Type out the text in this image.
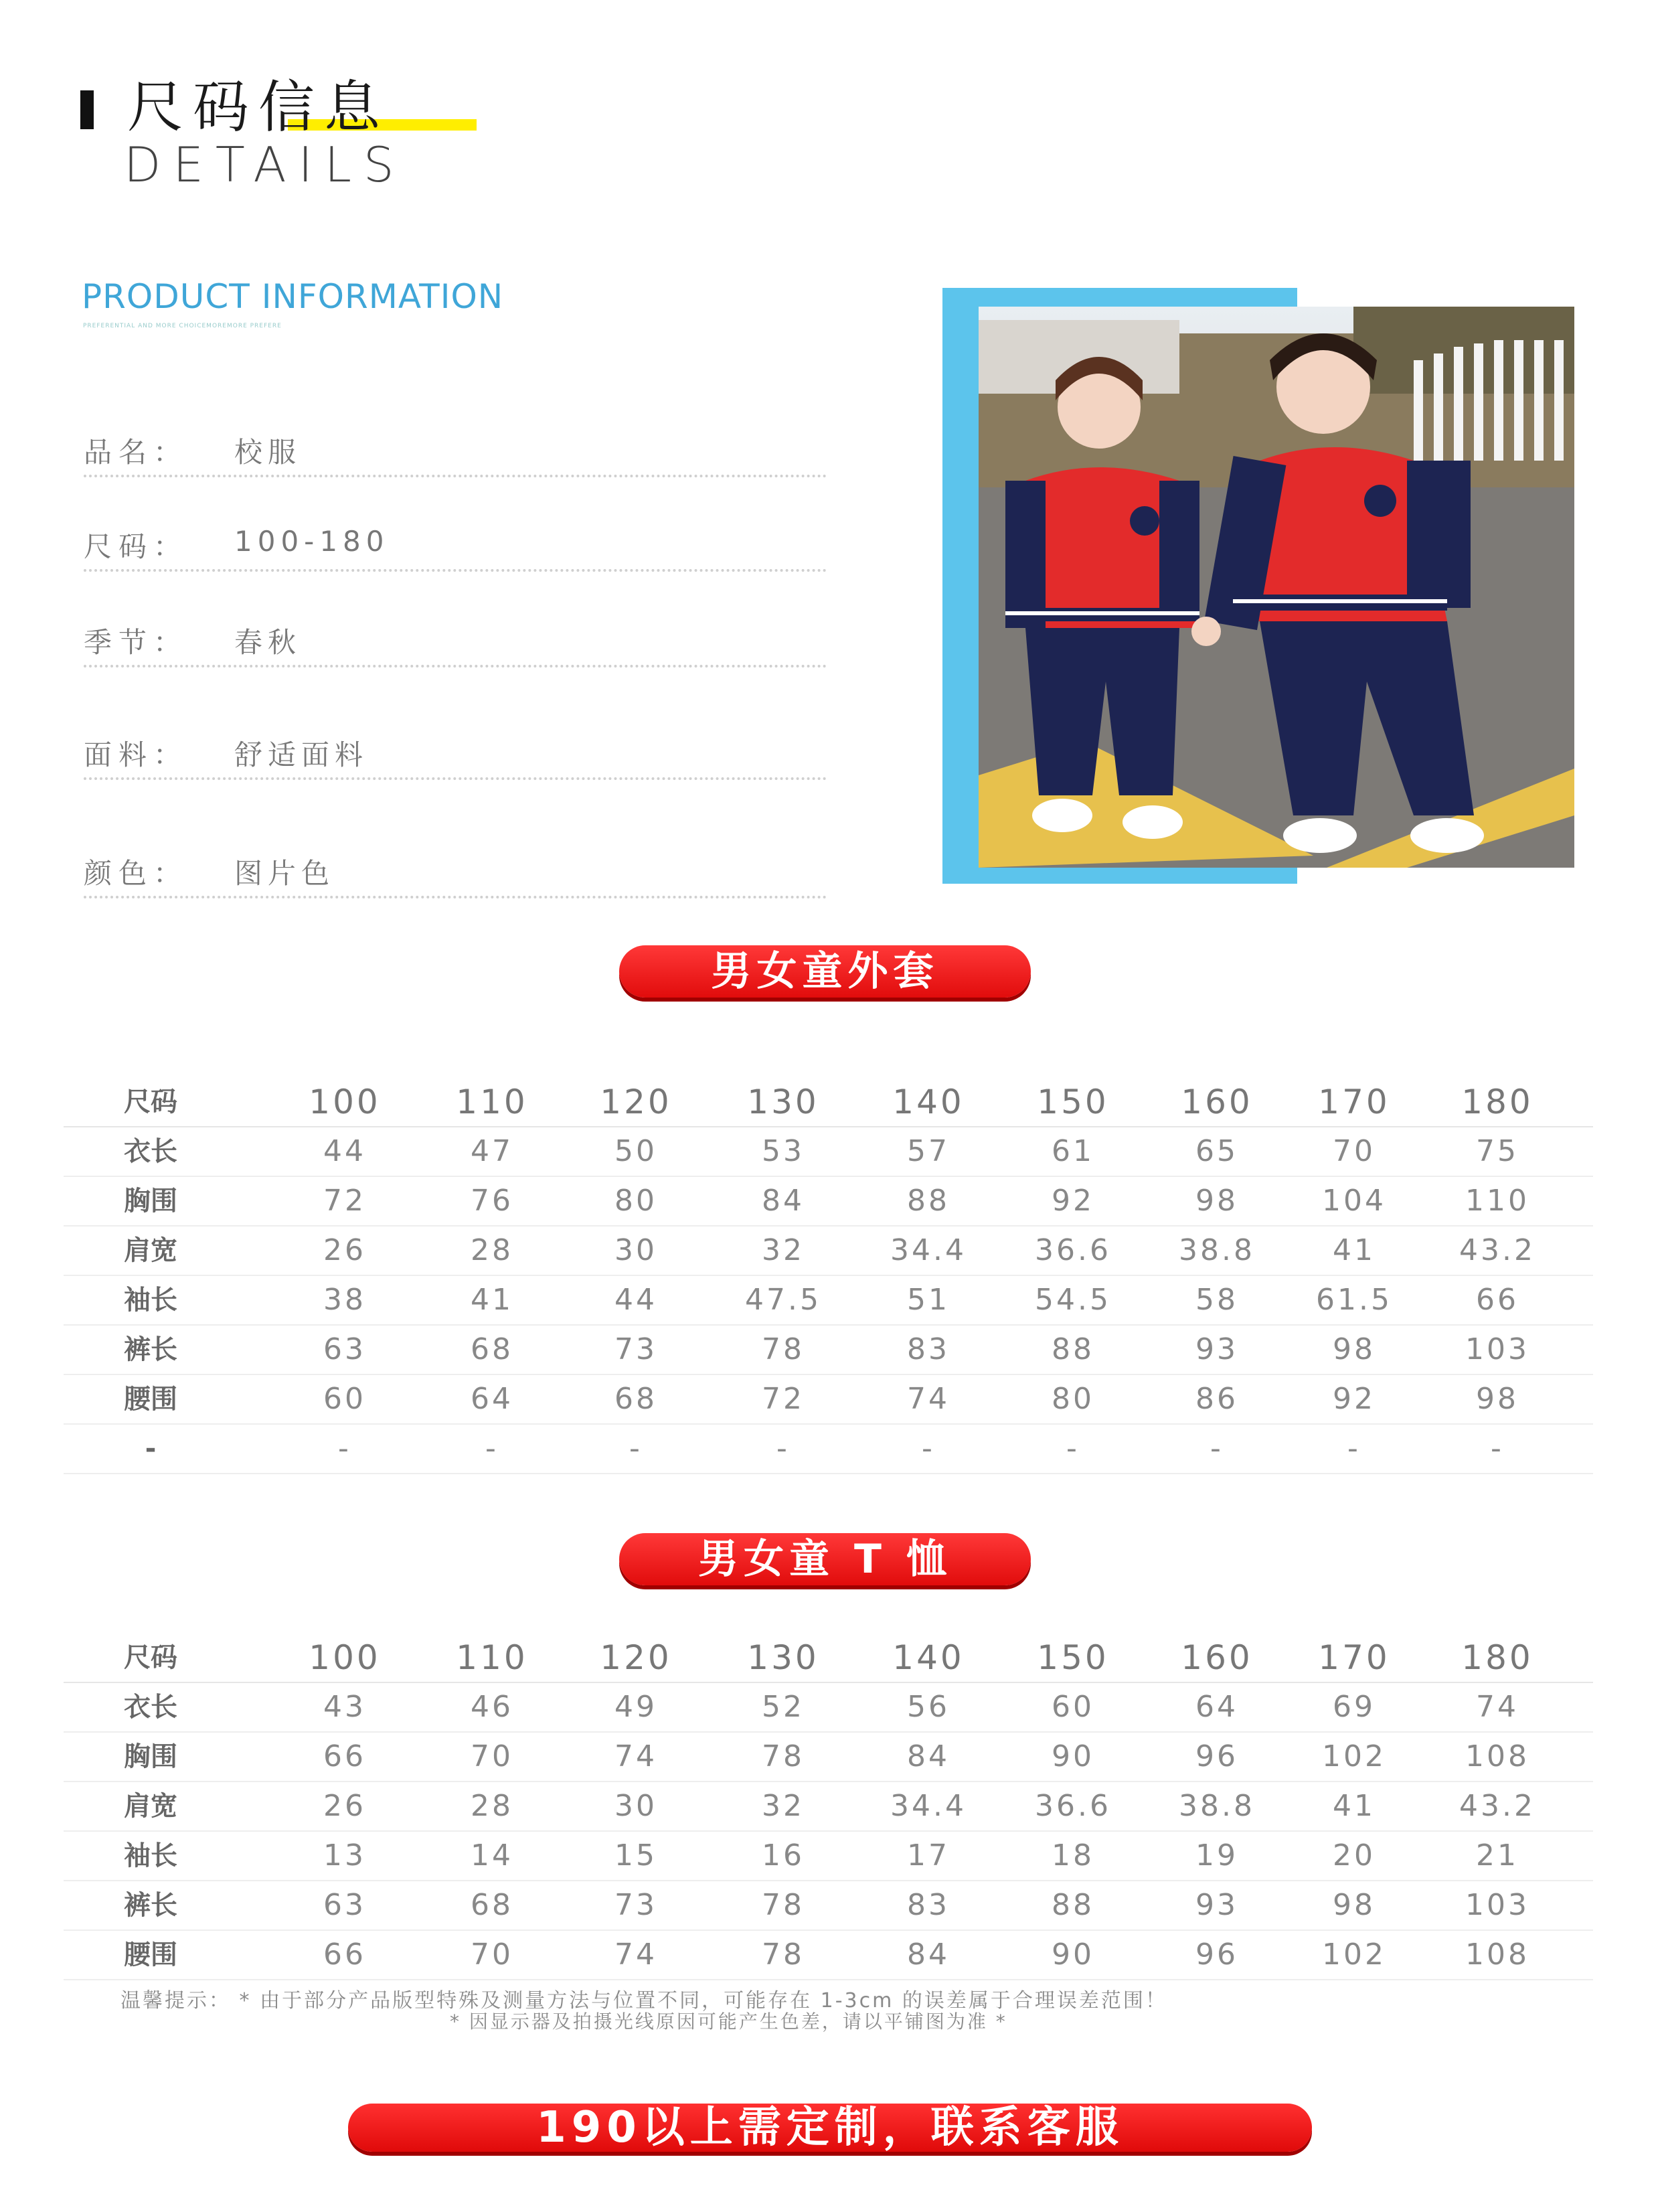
尺码信息
DETAILS
PRODUCT INFORMATION
PREFERENTIAL AND MORE CHOICEMOREMORE PREFERE
品名： 校服
尺码： 100-180
季节： 春秋
面料： 舒适面料
颜色： 图片色
男女童外套
尺码	100	110	120	130	140	150	160	170	180
衣长	44	47	50	53	57	61	65	70	75
胸围	72	76	80	84	88	92	98	104	110
肩宽	26	28	30	32	34.4	36.6	38.8	41	43.2
袖长	38	41	44	47.5	51	54.5	58	61.5	66
裤长	63	68	73	78	83	88	93	98	103
腰围	60	64	68	72	74	80	86	92	98
-	-	-	-	-	-	-	-	-	-
男女童 T 恤
尺码	100	110	120	130	140	150	160	170	180
衣长	43	46	49	52	56	60	64	69	74
胸围	66	70	74	78	84	90	96	102	108
肩宽	26	28	30	32	34.4	36.6	38.8	41	43.2
袖长	13	14	15	16	17	18	19	20	21
裤长	63	68	73	78	83	88	93	98	103
腰围	66	70	74	78	84	90	96	102	108
温馨提示： * 由于部分产品版型特殊及测量方法与位置不同，可能存在 1-3cm 的误差属于合理误差范围！
* 因显示器及拍摄光线原因可能产生色差，请以平铺图为准 *
190以上需定制，联系客服
